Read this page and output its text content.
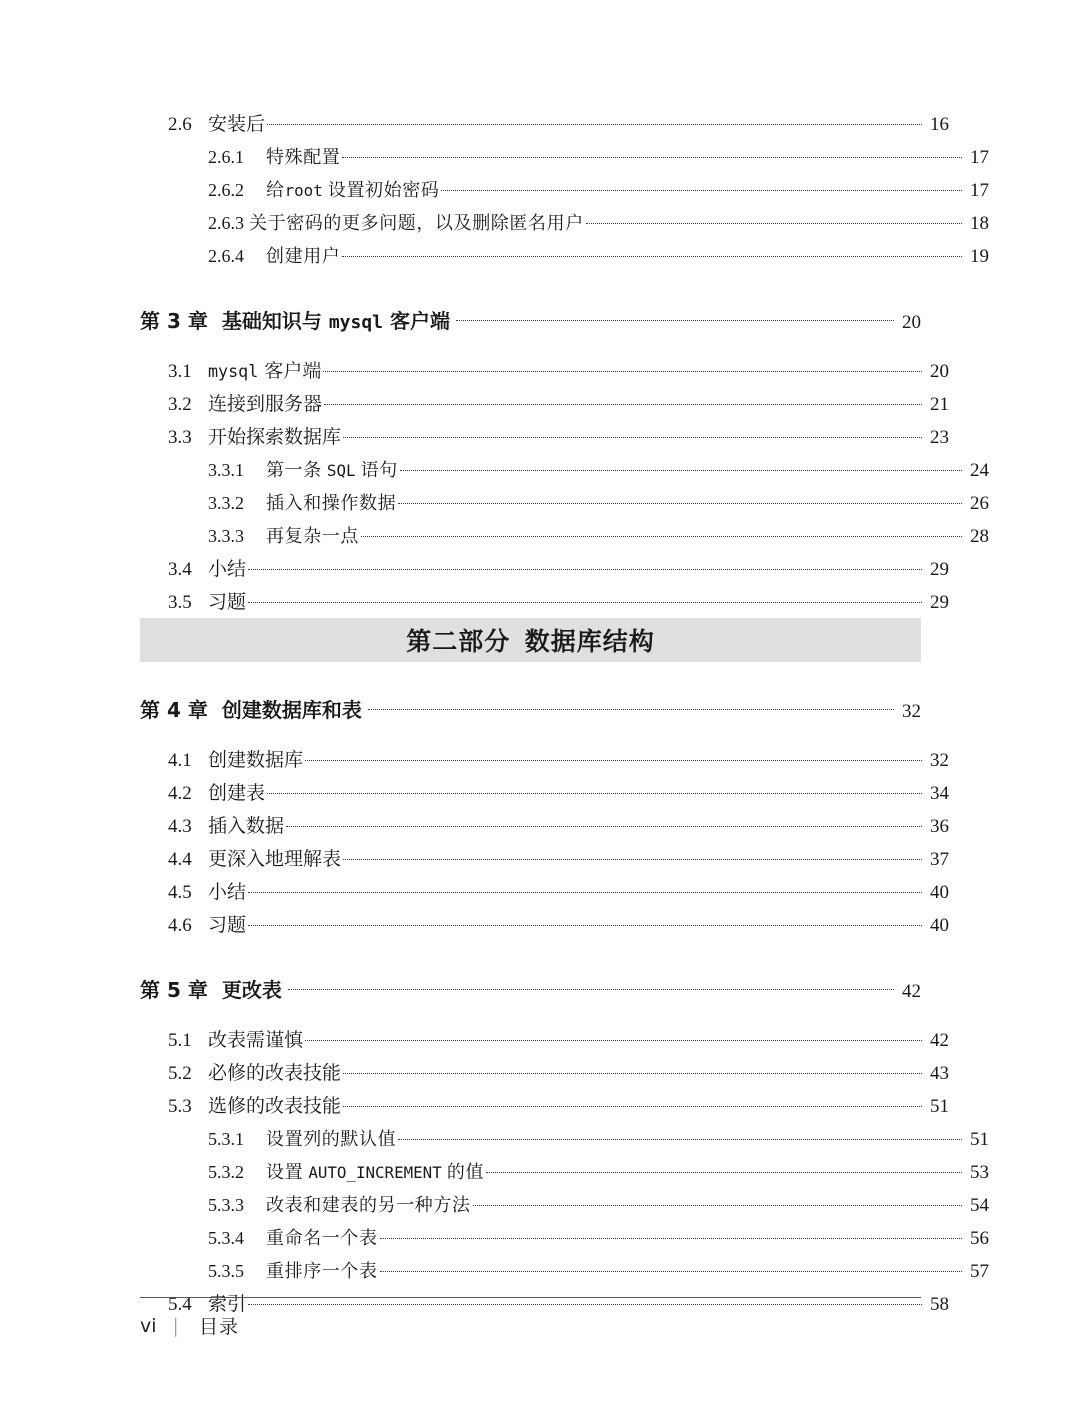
2.6 安装后	16
2.6.1	特殊配置	17
2.6.2	给root 设置初始密码	17
2.6.3 关于密码的更多问题，以及删除匿名用户	18
2.6.4	创建用户	19
第 3 章 基础知识与 mysql 客户端	20
3.1 mysql 客户端	20
3.2 连接到服务器	21
3.3 开始探索数据库	23
3.3.1	第一条 SQL 语句	24
3.3.2	插入和操作数据	26
3.3.3	再复杂一点	28
3.4 小结	29
3.5 习题	29
第二部分 数据库结构
第 4 章 创建数据库和表	32
4.1 创建数据库	32
4.2 创建表	34
4.3 插入数据	36
4.4 更深入地理解表	37
4.5 小结	40
4.6 习题	40
第 5 章 更改表	42
5.1 改表需谨慎	42
5.2 必修的改表技能	43
5.3 选修的改表技能	51
5.3.1	设置列的默认值	51
5.3.2	设置 AUTO_INCREMENT 的值	53
5.3.3	改表和建表的另一种方法	54
5.3.4	重命名一个表	56
5.3.5	重排序一个表	57
5.4 索引	58
vi | 目录
